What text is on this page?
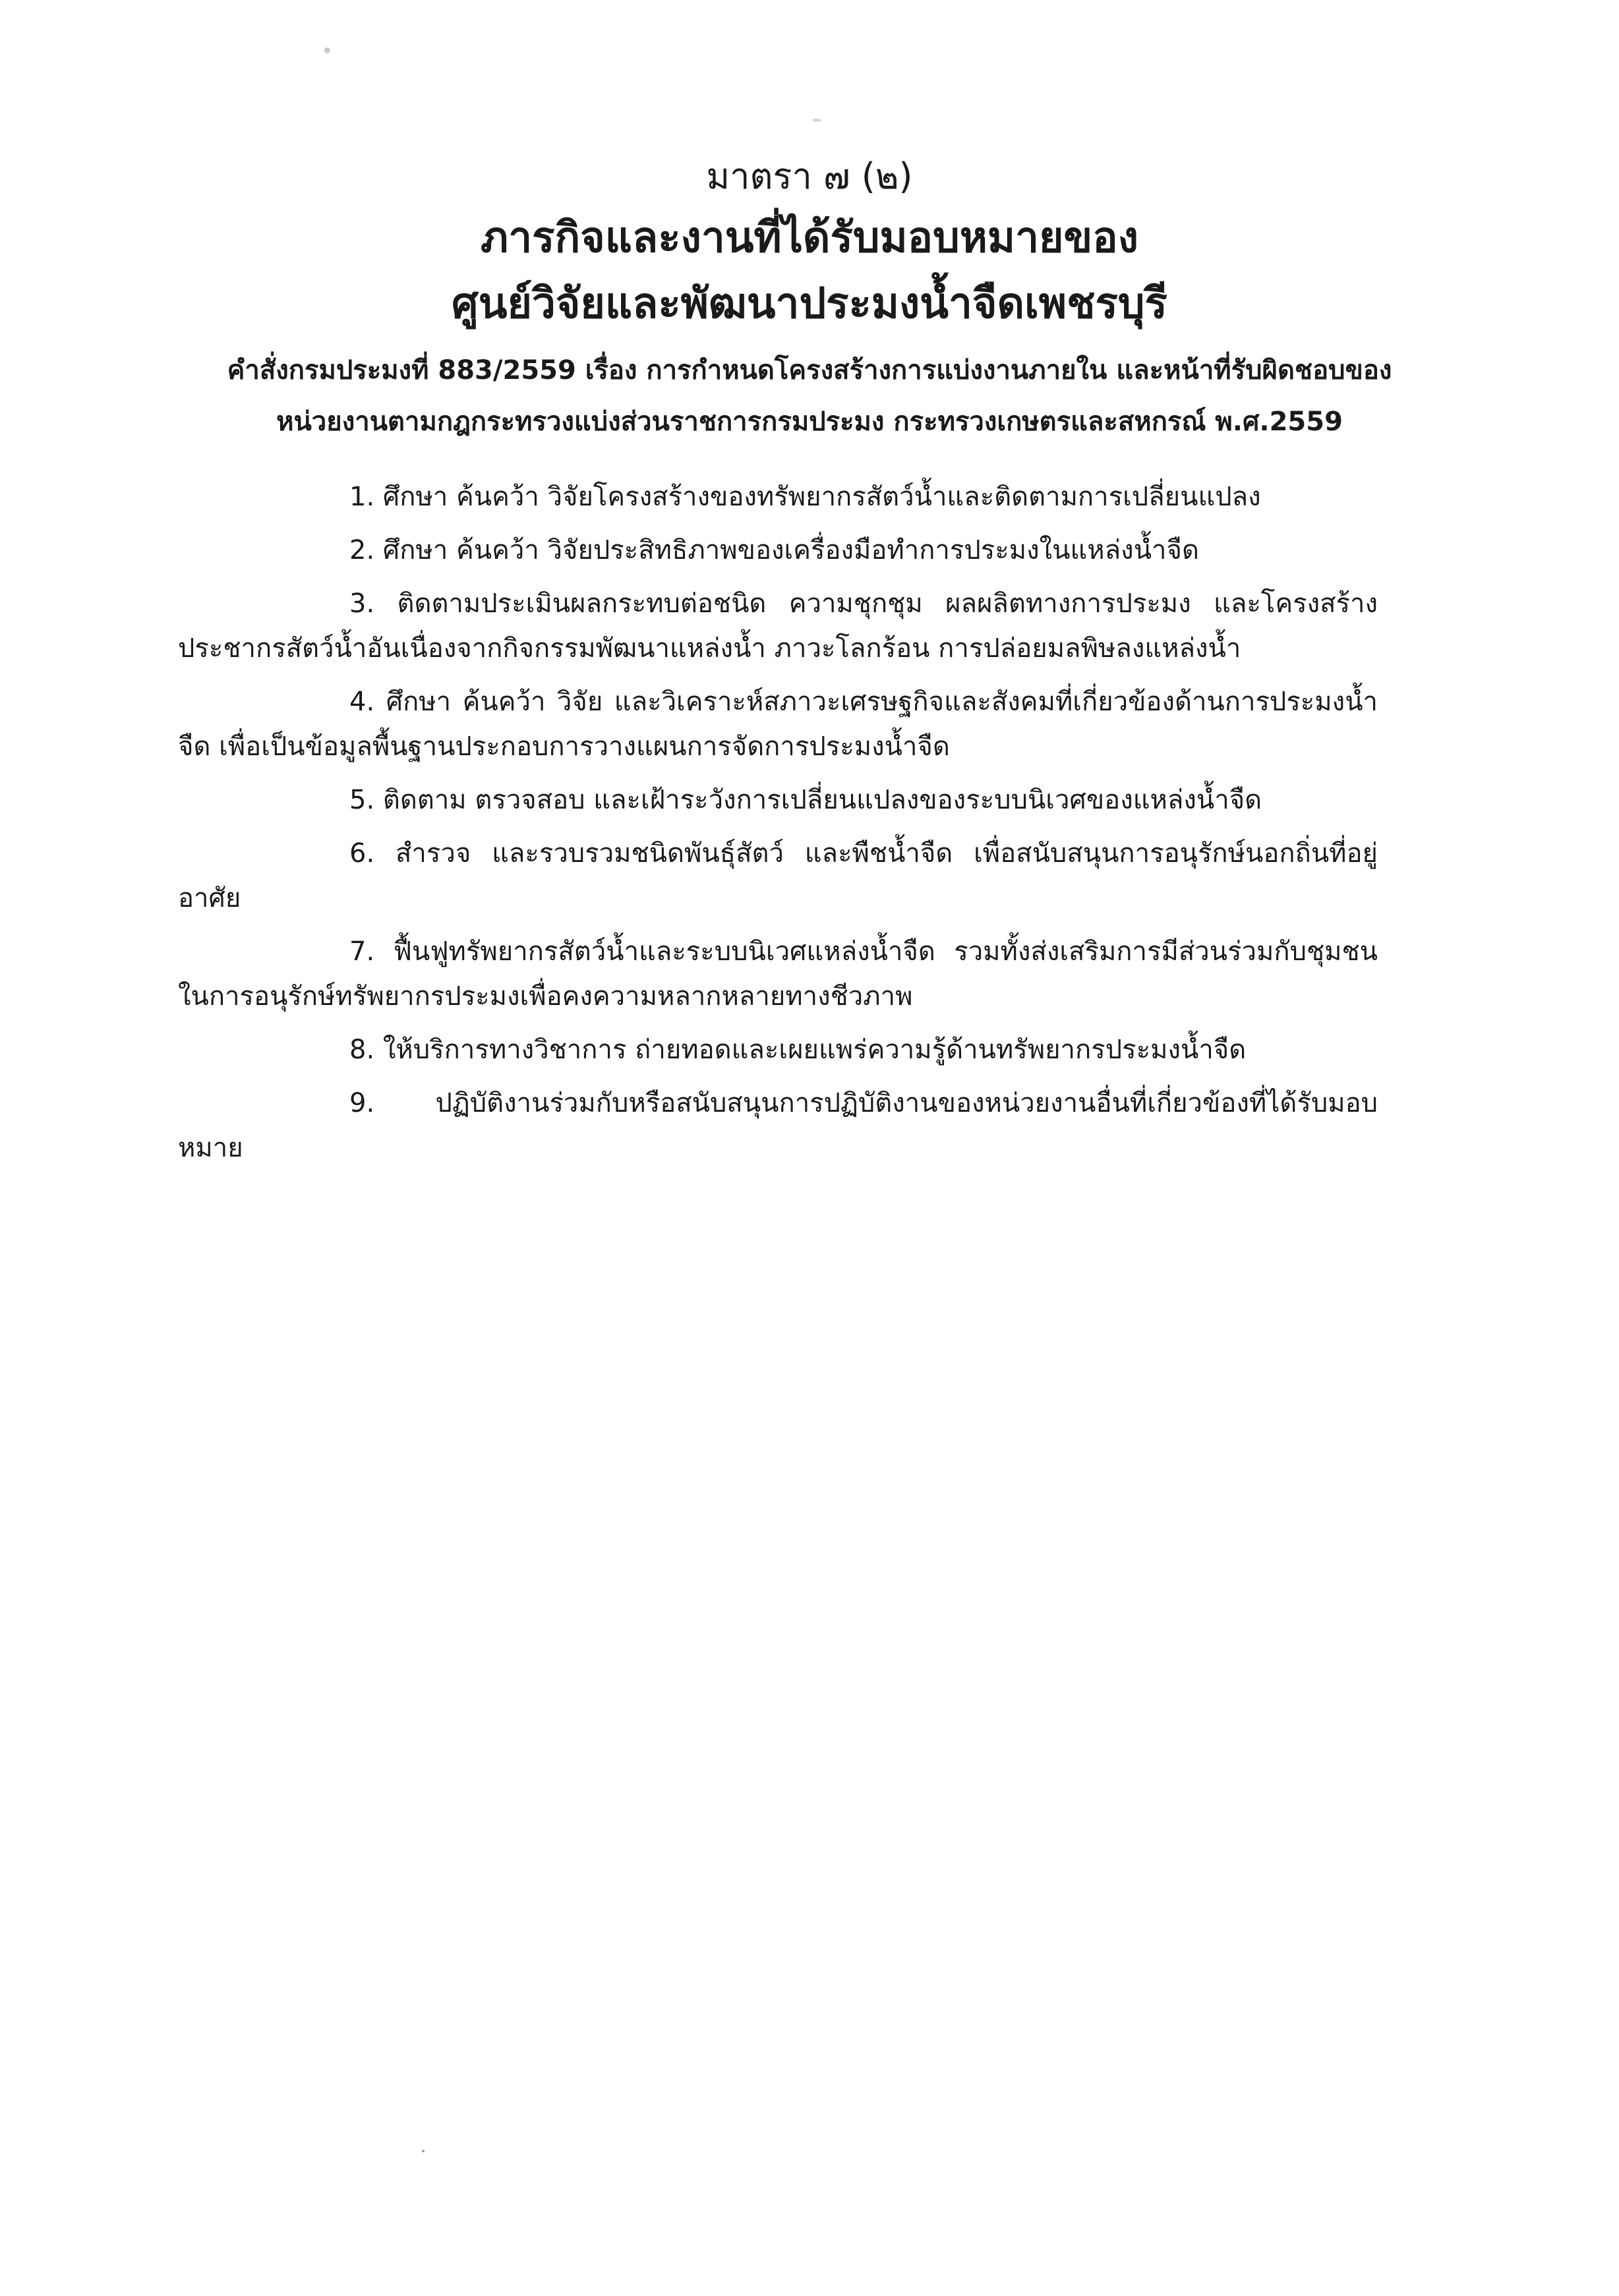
มาตรา ๗ (๒)
ภารกิจและงานที่ได้รับมอบหมายของ
ศูนย์วิจัยและพัฒนาประมงน้ำจืดเพชรบุรี
คำสั่งกรมประมงที่ 883/2559 เรื่อง การกำหนดโครงสร้างการแบ่งงานภายใน และหน้าที่รับผิดชอบของ
หน่วยงานตามกฎกระทรวงแบ่งส่วนราชการกรมประมง กระทรวงเกษตรและสหกรณ์ พ.ศ.2559

1. ศึกษา ค้นคว้า วิจัยโครงสร้างของทรัพยากรสัตว์น้ำและติดตามการเปลี่ยนแปลง

2. ศึกษา ค้นคว้า วิจัยประสิทธิภาพของเครื่องมือทำการประมงในแหล่งน้ำจืด

3. ติดตามประเมินผลกระทบต่อชนิด ความชุกชุม ผลผลิตทางการประมง และโครงสร้างประชากรสัตว์น้ำอันเนื่องจากกิจกรรมพัฒนาแหล่งน้ำ ภาวะโลกร้อน การปล่อยมลพิษลงแหล่งน้ำ

4. ศึกษา ค้นคว้า วิจัย และวิเคราะห์สภาวะเศรษฐกิจและสังคมที่เกี่ยวข้องด้านการประมงน้ำจืด เพื่อเป็นข้อมูลพื้นฐานประกอบการวางแผนการจัดการประมงน้ำจืด

5. ติดตาม ตรวจสอบ และเฝ้าระวังการเปลี่ยนแปลงของระบบนิเวศของแหล่งน้ำจืด

6. สำรวจ และรวบรวมชนิดพันธุ์สัตว์ และพืชน้ำจืด เพื่อสนับสนุนการอนุรักษ์นอกถิ่นที่อยู่อาศัย

7. ฟื้นฟูทรัพยากรสัตว์น้ำและระบบนิเวศแหล่งน้ำจืด รวมทั้งส่งเสริมการมีส่วนร่วมกับชุมชนในการอนุรักษ์ทรัพยากรประมงเพื่อคงความหลากหลายทางชีวภาพ

8. ให้บริการทางวิชาการ ถ่ายทอดและเผยแพร่ความรู้ด้านทรัพยากรประมงน้ำจืด

9. ปฏิบัติงานร่วมกับหรือสนับสนุนการปฏิบัติงานของหน่วยงานอื่นที่เกี่ยวข้องที่ได้รับมอบหมาย
